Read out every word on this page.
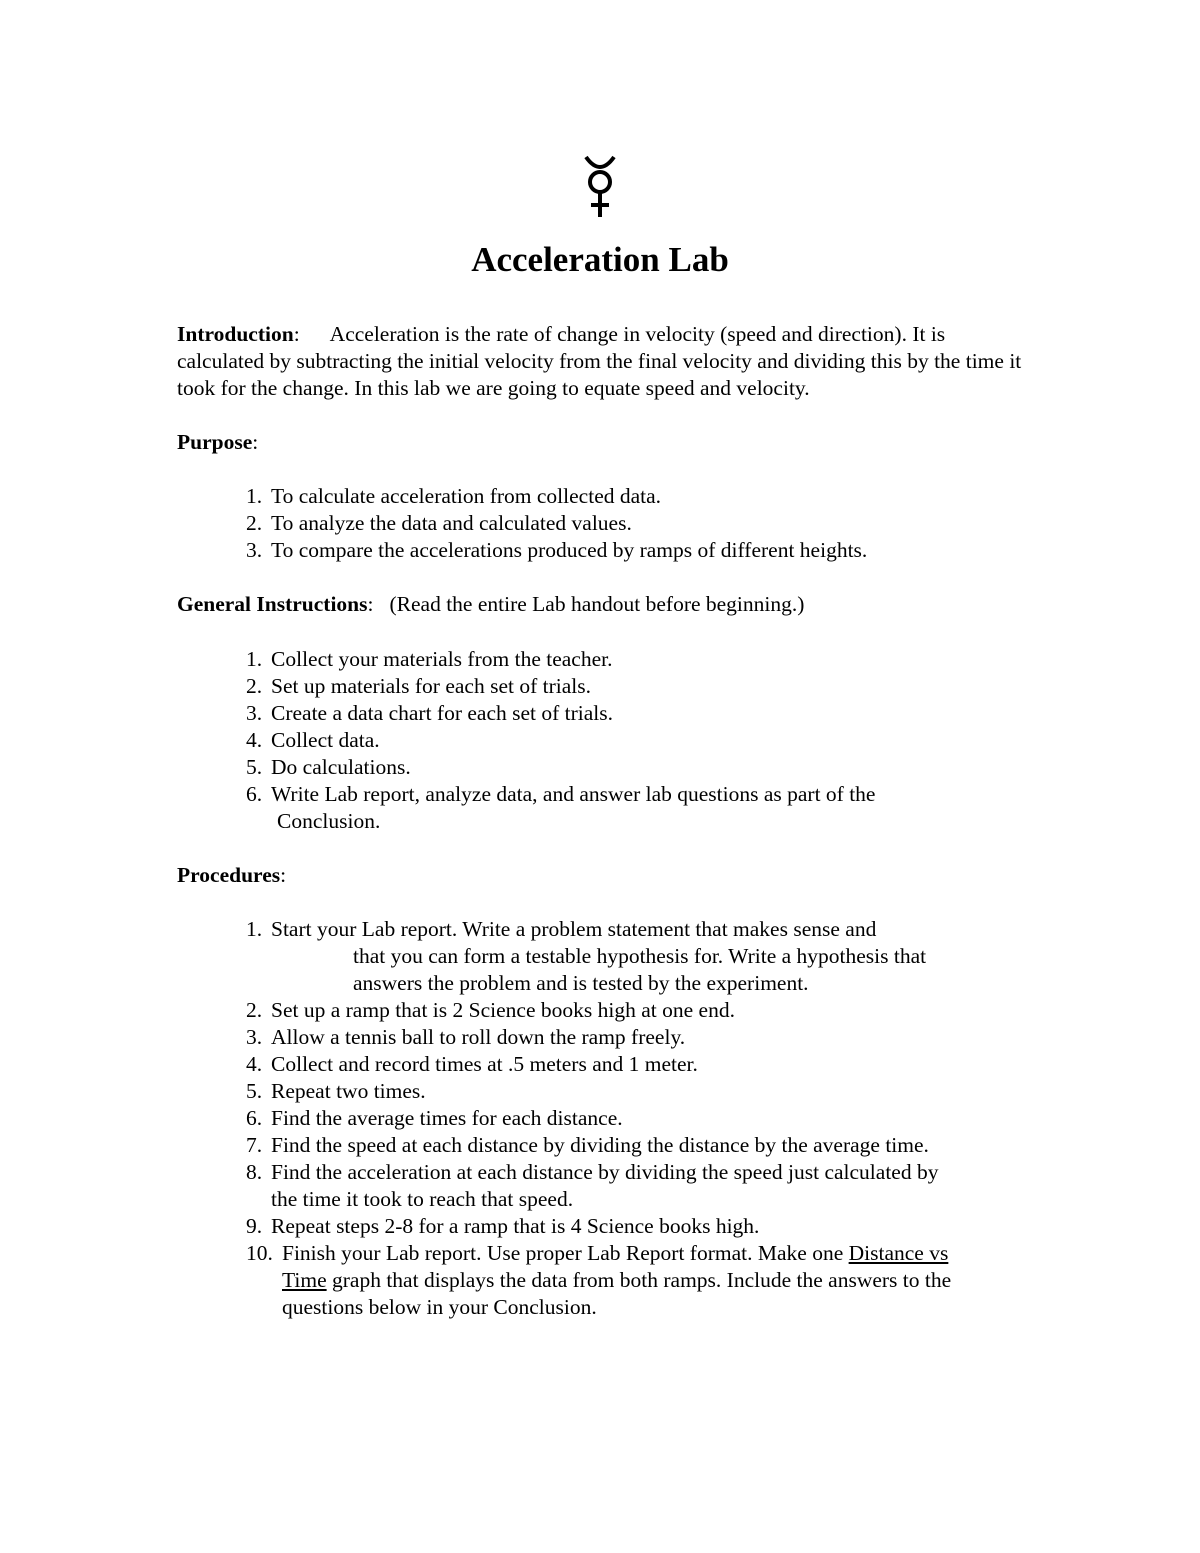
Acceleration Lab
Introduction: Acceleration is the rate of change in velocity (speed and direction). It is calculated by subtracting the initial velocity from the final velocity and dividing this by the time it took for the change. In this lab we are going to equate speed and velocity.
Purpose:
1. To calculate acceleration from collected data.
2. To analyze the data and calculated values.
3. To compare the accelerations produced by ramps of different heights.
General Instructions: (Read the entire Lab handout before beginning.)
1. Collect your materials from the teacher.
2. Set up materials for each set of trials.
3. Create a data chart for each set of trials.
4. Collect data.
5. Do calculations.
6. Write Lab report, analyze data, and answer lab questions as part of the
Conclusion.
Procedures:
1. Start your Lab report. Write a problem statement that makes sense and
that you can form a testable hypothesis for. Write a hypothesis that
answers the problem and is tested by the experiment.
2. Set up a ramp that is 2 Science books high at one end.
3. Allow a tennis ball to roll down the ramp freely.
4. Collect and record times at .5 meters and 1 meter.
5. Repeat two times.
6. Find the average times for each distance.
7. Find the speed at each distance by dividing the distance by the average time.
8. Find the acceleration at each distance by dividing the speed just calculated by
the time it took to reach that speed.
9. Repeat steps 2-8 for a ramp that is 4 Science books high.
10. Finish your Lab report. Use proper Lab Report format. Make one Distance vs
Time graph that displays the data from both ramps. Include the answers to the
questions below in your Conclusion.
